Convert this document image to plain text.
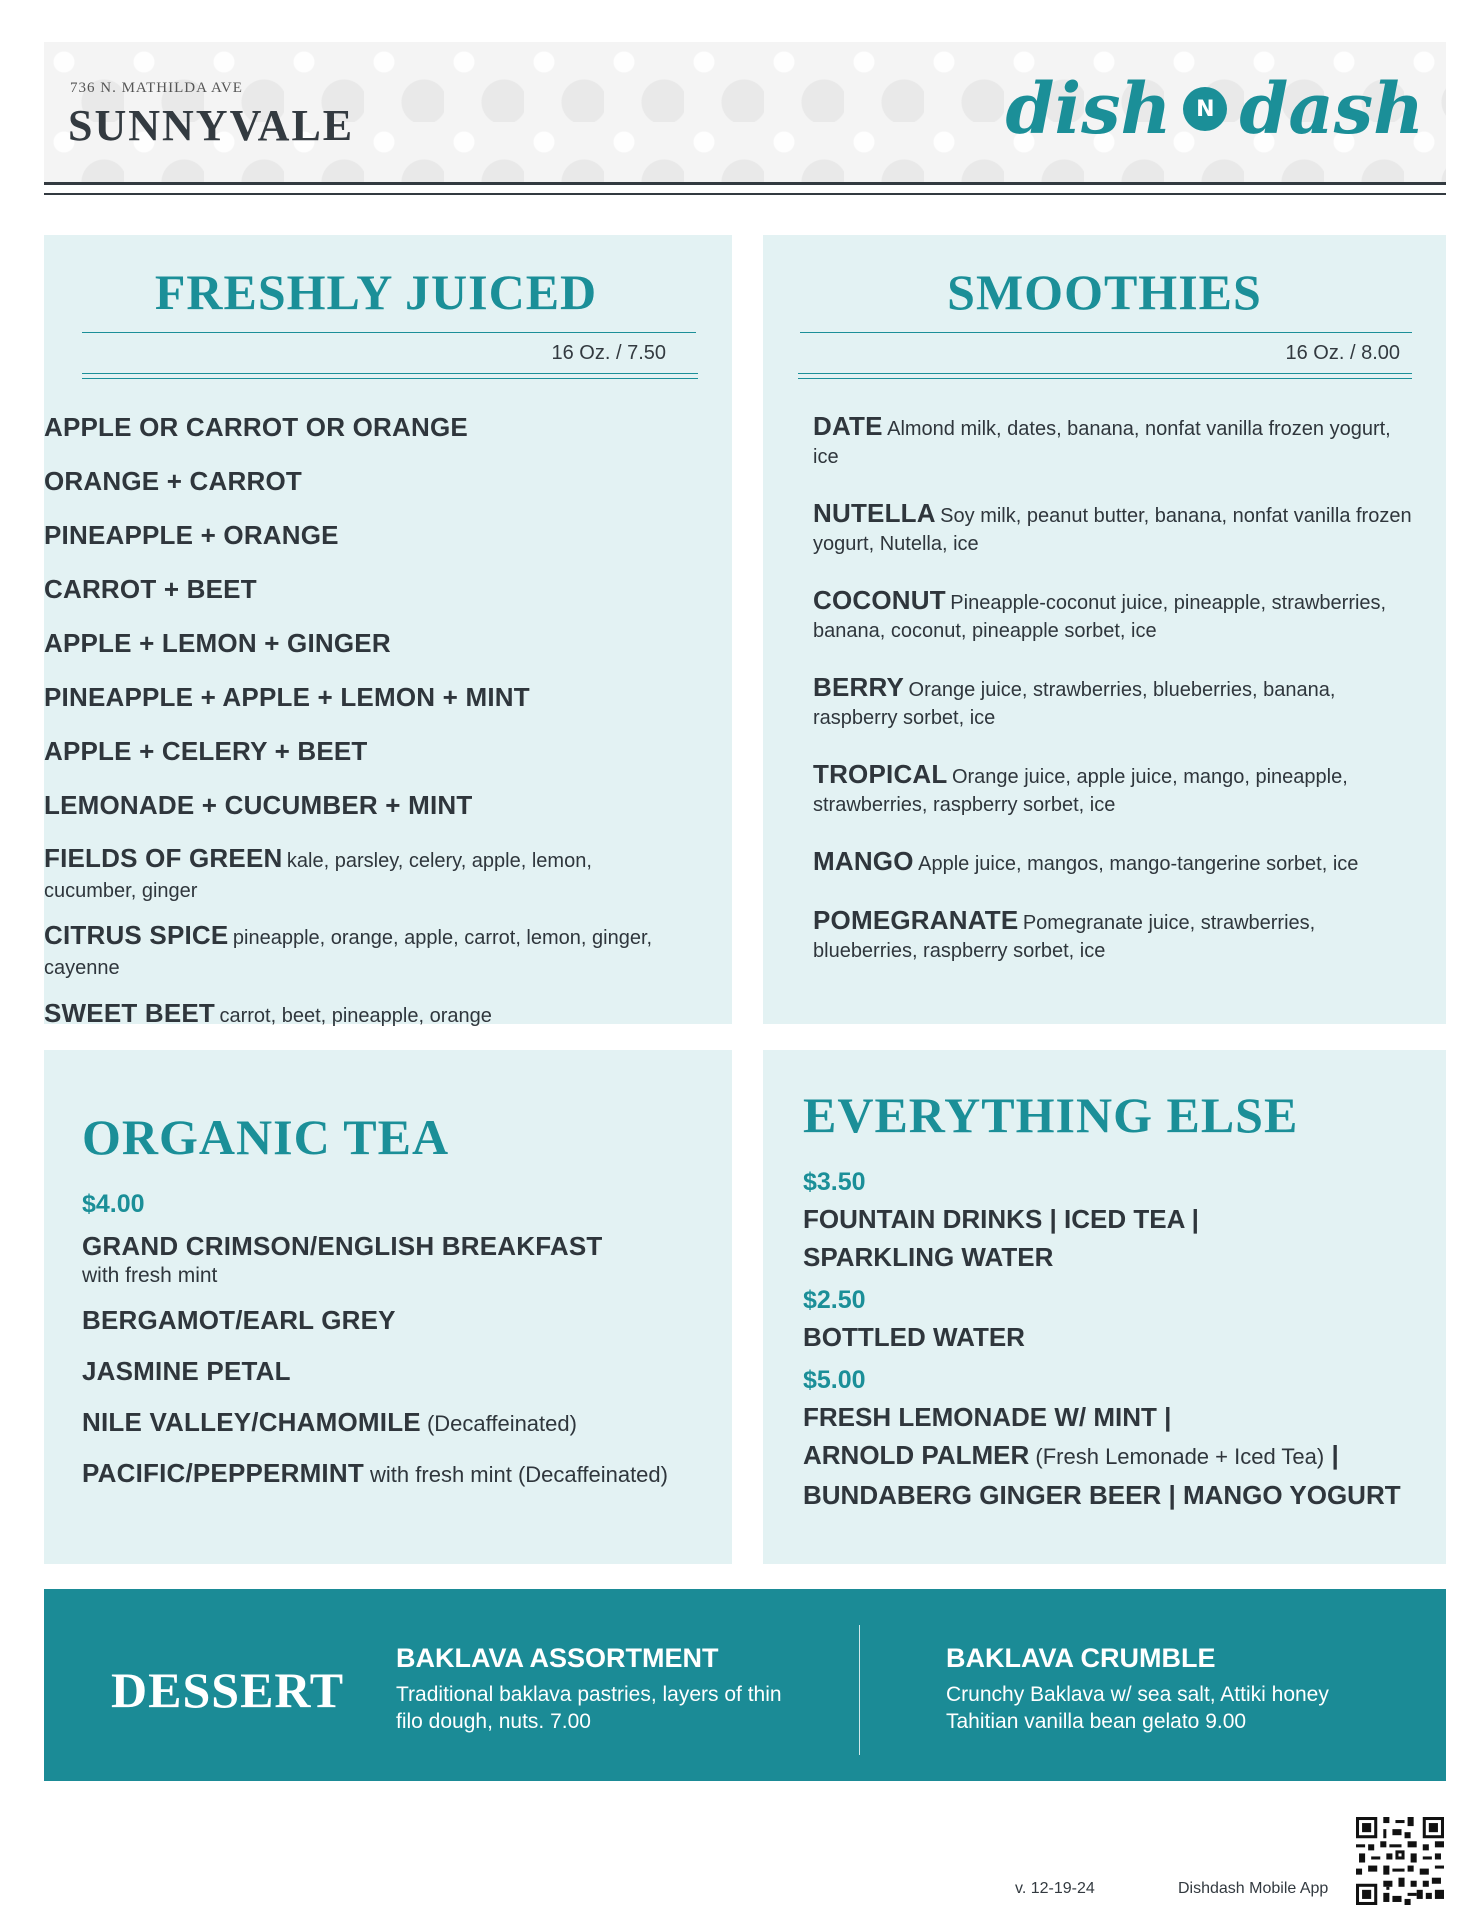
736 N. MATHILDA AVE
SUNNYVALE	dish	N dash
FRESHLY JUICED
16 Oz. / 7.50
APPLE OR CARROT OR ORANGE
ORANGE + CARROT
PINEAPPLE + ORANGE
CARROT + BEET
APPLE + LEMON + GINGER
PINEAPPLE + APPLE + LEMON + MINT
APPLE + CELERY + BEET
LEMONADE + CUCUMBER + MINT
FIELDS OF GREEN kale, parsley, celery, apple, lemon, cucumber, ginger
CITRUS SPICE pineapple, orange, apple, carrot, lemon, ginger, cayenne
SWEET BEET carrot, beet, pineapple, orange
SMOOTHIES
16 Oz. / 8.00
DATE Almond milk, dates, banana, nonfat vanilla frozen yogurt, ice
NUTELLA Soy milk, peanut butter, banana, nonfat vanilla frozen yogurt, Nutella, ice
COCONUT Pineapple-coconut juice, pineapple, strawberries, banana, coconut, pineapple sorbet, ice
BERRY Orange juice, strawberries, blueberries, banana, raspberry sorbet, ice
TROPICAL Orange juice, apple juice, mango, pineapple, strawberries, raspberry sorbet, ice
MANGO Apple juice, mangos, mango-tangerine sorbet, ice
POMEGRANATE Pomegranate juice, strawberries, blueberries, raspberry sorbet, ice
ORGANIC TEA
$4.00
GRAND CRIMSON/ENGLISH BREAKFAST
with fresh mint
BERGAMOT/EARL GREY
JASMINE PETAL
NILE VALLEY/CHAMOMILE (Decaffeinated)
PACIFIC/PEPPERMINT with fresh mint (Decaffeinated)
EVERYTHING ELSE
$3.50
FOUNTAIN DRINKS | ICED TEA |
SPARKLING WATER
$2.50
BOTTLED WATER
$5.00
FRESH LEMONADE W/ MINT |
ARNOLD PALMER (Fresh Lemonade + Iced Tea) |
BUNDABERG GINGER BEER | MANGO YOGURT
DESSERT
BAKLAVA ASSORTMENT
Traditional baklava pastries, layers of thin
filo dough, nuts. 7.00
BAKLAVA CRUMBLE
Crunchy Baklava w/ sea salt, Attiki honey
Tahitian vanilla bean gelato 9.00
v. 12-19-24	Dishdash Mobile App
